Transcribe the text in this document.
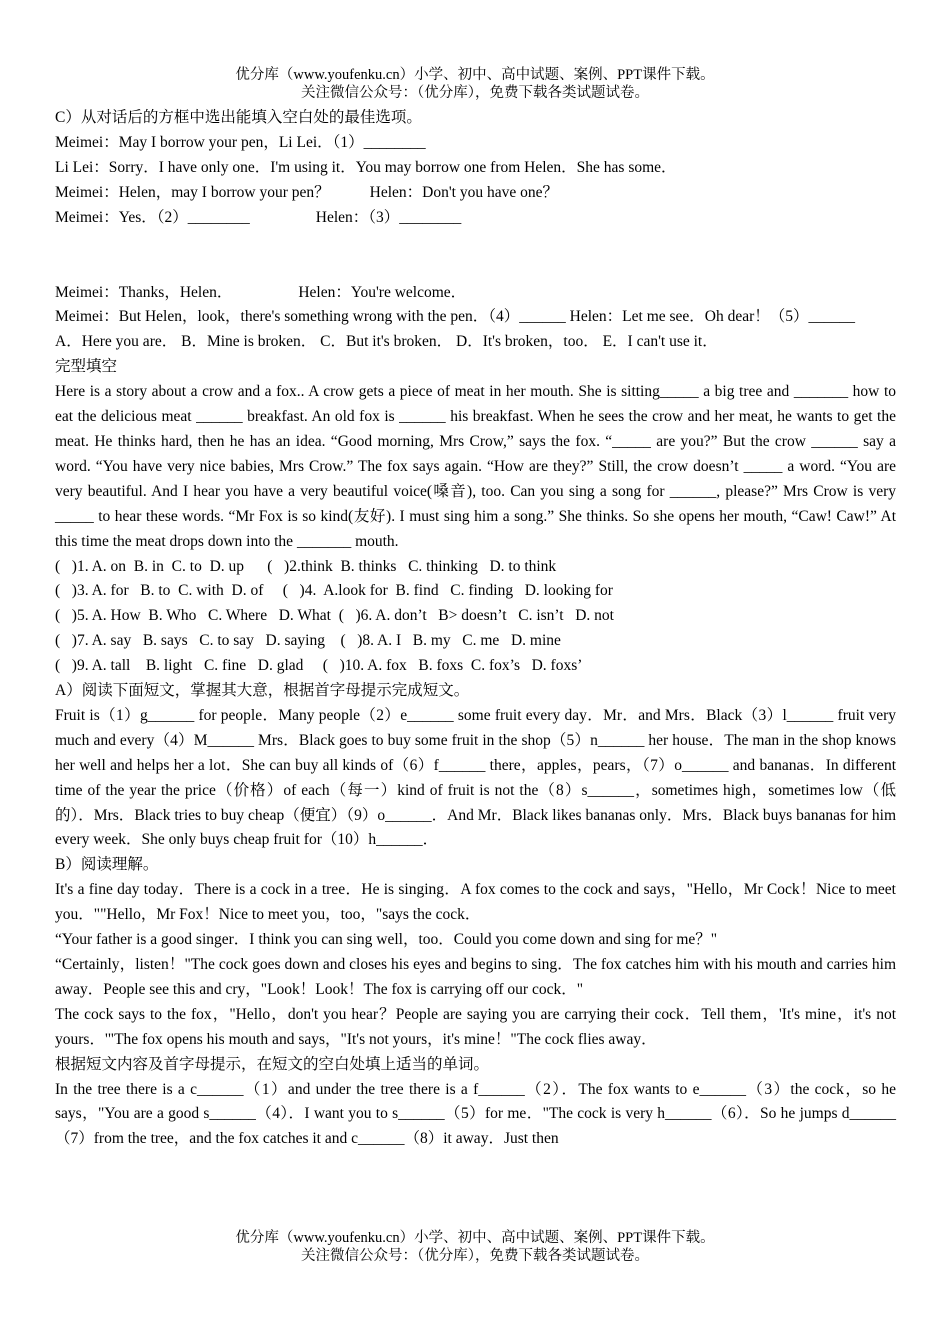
优分库（www.youfenku.cn）小学、初中、高中试题、案例、PPT课件下载。

关注微信公众号：（优分库），免费下载各类试题试卷。

C）从对话后的方框中选出能填入空白处的最佳选项。

Meimei：May I borrow your pen，Li Lei．（1）________

Li Lei：Sorry．I have only one．I'm using it．You may borrow one from Helen．She has some．

Meimei：Helen，may I borrow your pen？	Helen：Don't you have one？

Meimei：Yes．（2）________	Helen：（3）________

Meimei：Thanks，Helen．	Helen：You're welcome．

Meimei：But Helen，look，there's something wrong with the pen．（4）______ Helen：Let me see．Oh dear！（5）______

A．Here you are． B．Mine is broken． C．But it's broken． D．It's broken，too． E．I can't use it．

完型填空

Here is a story about a crow and a fox.. A crow gets a piece of meat in her mouth. She is sitting_____ a big tree and _______ how to eat the delicious meat ______ breakfast. An old fox is ______ his breakfast. When he sees the crow and her meat, he wants to get the meat. He thinks hard, then he has an idea. “Good morning, Mrs Crow,” says the fox. “_____ are you?” But the crow ______ say a word. “You have very nice babies, Mrs Crow.” The fox says again. “How are they?” Still, the crow doesn’t _____ a word. “You are very beautiful. And I hear you have a very beautiful voice(嗓音), too. Can you sing a song for ______, please?” Mrs Crow is very _____ to hear these words. “Mr Fox is so kind(友好). I must sing him a song.” She thinks. So she opens her mouth, “Caw! Caw!” At this time the meat drops down into the _______ mouth.

(   )1. A. on  B. in  C. to  D. up      (   )2.think  B. thinks   C. thinking   D. to think

(   )3. A. for   B. to  C. with  D. of     (   )4.  A.look for  B. find   C. finding   D. looking for

(   )5. A. How  B. Who   C. Where   D. What  (   )6. A. don’t   B> doesn’t   C. isn’t   D. not

(   )7. A. say   B. says   C. to say   D. saying    (   )8. A. I   B. my   C. me   D. mine

(   )9. A. tall    B. light   C. fine   D. glad     (   )10. A. fox   B. foxs  C. fox’s   D. foxs’

A）阅读下面短文，掌握其大意，根据首字母提示完成短文。

Fruit is（1）g______ for people．Many people（2）e______ some fruit every day．Mr．and Mrs．Black（3）l______ fruit very much and every（4）M______ Mrs．Black goes to buy some fruit in the shop（5）n______ her house．The man in the shop knows her well and helps her a lot．She can buy all kinds of（6）f______ there，apples，pears，（7）o______ and bananas．In different time of the year the price（价格）of each（每一）kind of fruit is not the（8）s______，sometimes high，sometimes low（低的）．Mrs．Black tries to buy cheap（便宜）（9）o______．And Mr．Black likes bananas only．Mrs．Black buys bananas for him every week．She only buys cheap fruit for（10）h______．

B）阅读理解。

It's a fine day today．There is a cock in a tree．He is singing．A fox comes to the cock and says，"Hello，Mr Cock！Nice to meet you．""Hello，Mr Fox！Nice to meet you，too，"says the cock．

“Your father is a good singer．I think you can sing well，too．Could you come down and sing for me？"

“Certainly，listen！"The cock goes down and closes his eyes and begins to sing．The fox catches him with his mouth and carries him away．People see this and cry，"Look！Look！The fox is carrying off our cock．"

The cock says to the fox，"Hello，don't you hear？People are saying you are carrying their cock．Tell them，'It's mine，it's not yours．'"The fox opens his mouth and says，"It's not yours，it's mine！"The cock flies away．

根据短文内容及首字母提示，在短文的空白处填上适当的单词。

In the tree there is a c______（1）and under the tree there is a f______（2）．The fox wants to e______（3）the cock，so he says，"You are a good s______（4）．I want you to s______（5）for me．"The cock is very h______（6）．So he jumps d______（7）from the tree，and the fox catches it and c______（8）it away．Just then

优分库（www.youfenku.cn）小学、初中、高中试题、案例、PPT课件下载。

关注微信公众号：（优分库），免费下载各类试题试卷。
